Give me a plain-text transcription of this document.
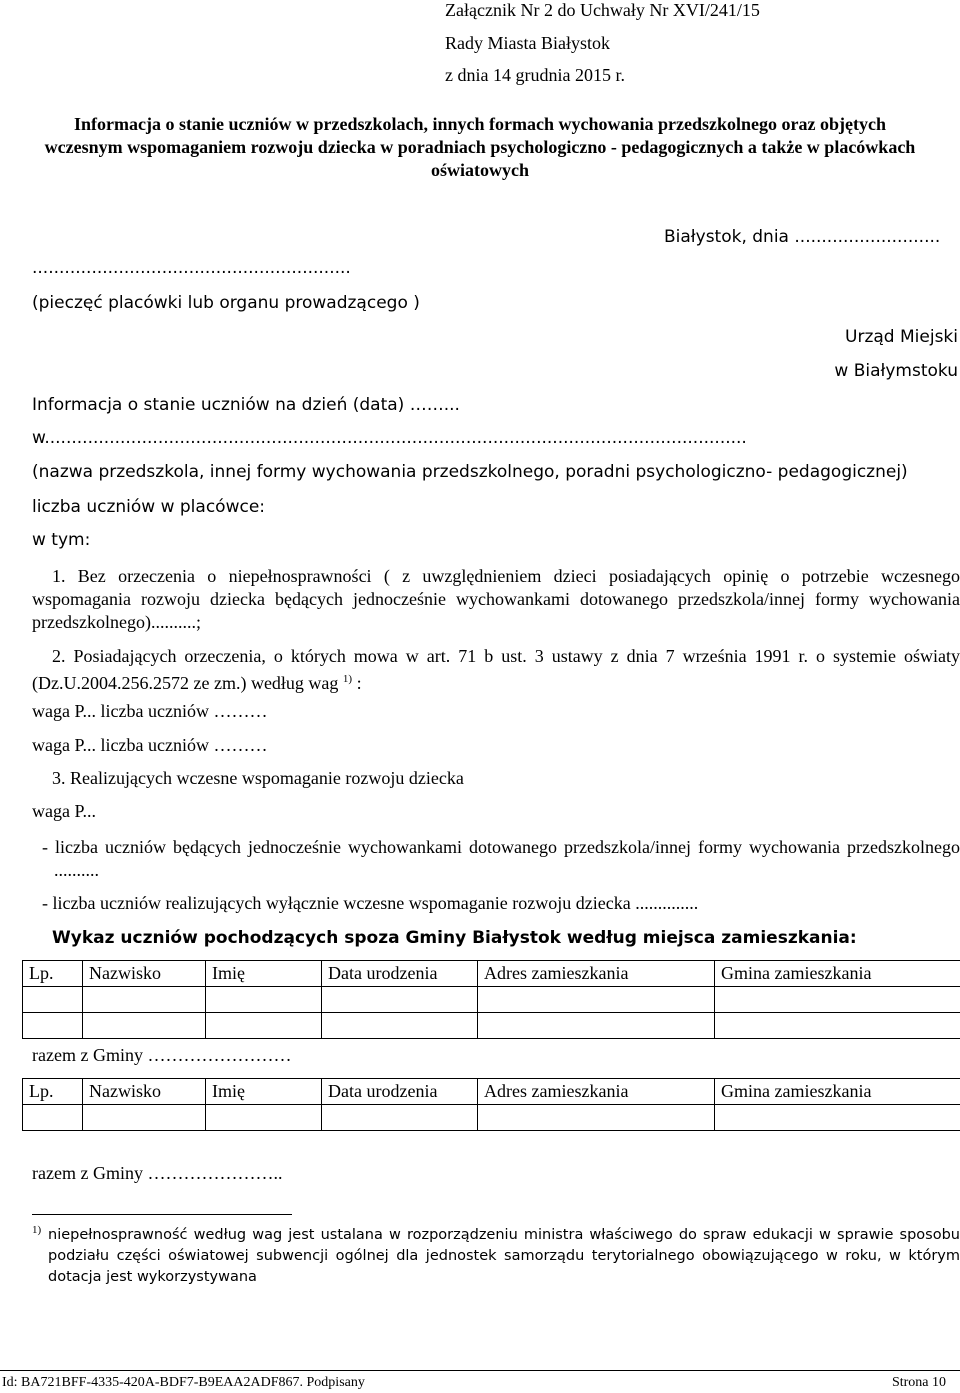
Załącznik Nr 2 do Uchwały Nr XVI/241/15
Rady Miasta Białystok
z dnia 14 grudnia 2015 r.
Informacja o stanie uczniów w przedszkolach, innych formach wychowania przedszkolnego oraz objętych wczesnym wspomaganiem rozwoju dziecka w poradniach psychologiczno - pedagogicznych a także w placówkach oświatowych
Białystok, dnia ...........................
...........................................................
(pieczęć placówki lub organu prowadzącego )
Urząd Miejski
w Białymstoku
Informacja o stanie uczniów na dzień (data) ……...
w..................................................................................................................................
(nazwa przedszkola, innej formy wychowania przedszkolnego, poradni psychologiczno- pedagogicznej)
liczba uczniów w placówce:
w tym:
1. Bez orzeczenia o niepełnosprawności ( z uwzględnieniem dzieci posiadających opinię o potrzebie wczesnego wspomagania rozwoju dziecka będących jednocześnie wychowankami dotowanego przedszkola/innej formy wychowania przedszkolnego)..........;
2. Posiadających orzeczenia, o których mowa w art. 71 b ust. 3 ustawy z dnia 7 września 1991 r. o systemie oświaty (Dz.U.2004.256.2572 ze zm.) według wag $^{1)}$ :
waga P... liczba uczniów ………
waga P... liczba uczniów ………
3. Realizujących wczesne wspomaganie rozwoju dziecka
waga P...
- liczba uczniów będących jednocześnie wychowankami dotowanego przedszkola/innej formy wychowania przedszkolnego ..........
- liczba uczniów realizujących wyłącznie wczesne wspomaganie rozwoju dziecka ..............
Wykaz uczniów pochodzących spoza Gminy Białystok według miejsca zamieszkania:
Lp.	Nazwisko	Imię	Data urodzenia	Adres zamieszkania	Gmina zamieszkania

razem z Gminy ……………………
Lp.	Nazwisko	Imię	Data urodzenia	Adres zamieszkania	Gmina zamieszkania

razem z Gminy …………………..
1) niepełnosprawność według wag jest ustalana w rozporządzeniu ministra właściwego do spraw edukacji w sprawie sposobu podziału części oświatowej subwencji ogólnej dla jednostek samorządu terytorialnego obowiązującego w roku, w którym dotacja jest wykorzystywana
Id: BA721BFF-4335-420A-BDF7-B9EAA2ADF867. Podpisany	Strona 10
